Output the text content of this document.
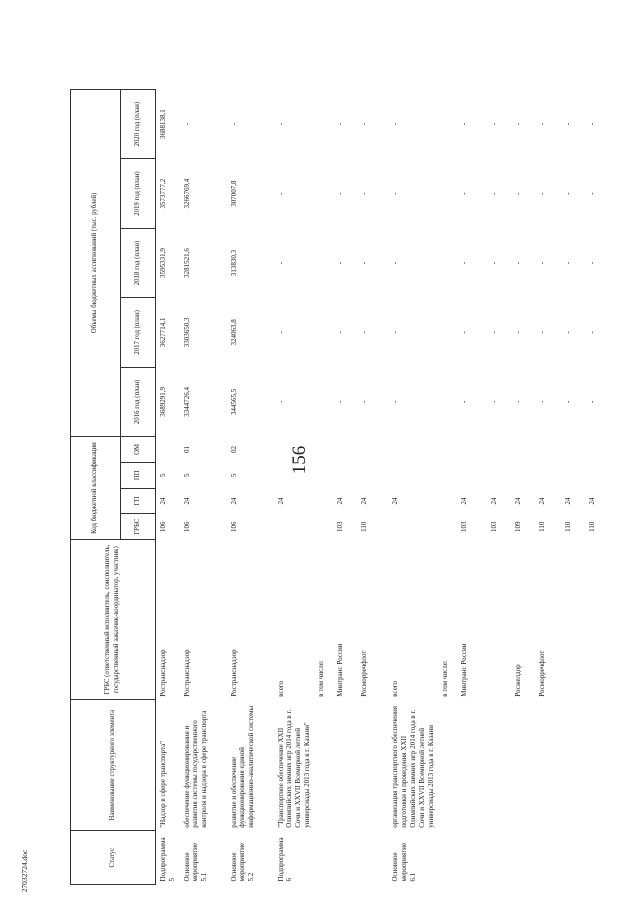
156
27032724.doc	Статус	Наименование структурного элемента	ГРБС (ответственный исполнитель, соисполнитель, государственный заказчик-координатор, участник)	Код бюджетной классификации				Объемы бюджетных ассигнований (тыс. рублей)					
			ГРБС	ГП	ПП	ОМ	2016 год (план)	2017 год (план)	2018 год (план)	2019 год (план)	2020 год (план)	
Подпрограмма 5	"Надзор в сфере транспорта"	Ространснадзор	106	24	5		3689291,9	3627714,1	3595331,9	3573777,2	3688138,1	
Основное мероприятие 5.1	обеспечение функционирования и развития системы государственного контроля и надзора в сфере транспорта	Ространснадзор	106	24	5	01	3344726,4	3303650,3	3281521,6	3266769,4	-	
Основное мероприятие 5.2	развитие и обеспечение функционирования единой информационно-аналитической системы	Ространснадзор	106	24	5	02	344565,5	324063,8	313830,3	307007,8	-	
Подпрограмма 6	"Транспортное обеспечение XXII Олимпийских зимних игр 2014 года в г. Сочи и XXVII Всемирной летней универсиады 2013 года в г. Казани"	всего		24			-	-	-	-	-	
		в том числе:										
		Минтранс России	103	24			-	-	-	-	-	
		Росморречфлот	110	24			-	-	-	-	-	
Основное мероприятие 6.1	организация транспортного обеспечения подготовки и проведения XXII Олимпийских зимних игр 2014 года в г. Сочи и XXVII Всемирной летней универсиады 2013 года в г. Казани	всего		24			-	-	-	-	-	
		в том числе:										
		Минтранс России	103	24			-	-	-	-	-	
			103	24			-	-	-	-	-	
		Росжелдор	109	24			-	-	-	-	-	
		Росморречфлот	110	24			-	-	-	-	-	
			110	24			-	-	-	-	-	
			110	24			-	-	-	-	-	
